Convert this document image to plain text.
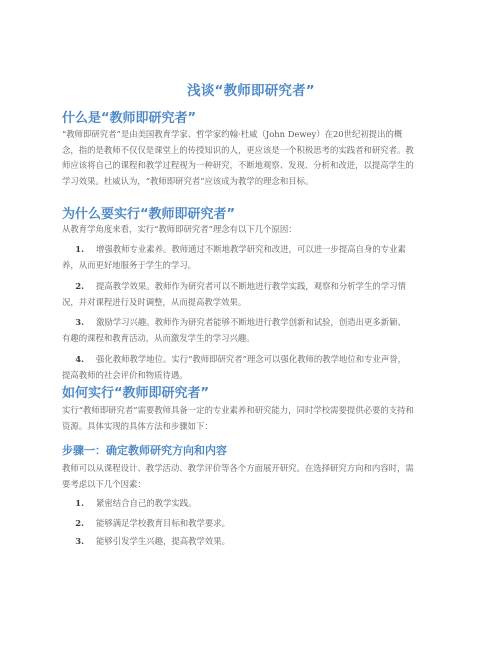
浅谈“教师即研究者”
什么是“教师即研究者”

“教师即研究者”是由美国教育学家、哲学家约翰·杜威（John Dewey）在20世纪初提出的概念，指的是教师不仅仅是课堂上的传授知识的人，更应该是一个积极思考的实践者和研究者。教师应该将自己的课程和教学过程视为一种研究，不断地观察、发现、分析和改进，以提高学生的学习效果。杜威认为，“教师即研究者”应该成为教学的理念和目标。

为什么要实行“教师即研究者”

从教育学角度来看，实行“教师即研究者”理念有以下几个原因：

1 . 增强教师专业素养。教师通过不断地教学研究和改进，可以进一步提高自身的专业素养，从而更好地服务于学生的学习。
2 . 提高教学效果。教师作为研究者可以不断地进行教学实践，观察和分析学生的学习情况，并对课程进行及时调整，从而提高教学效果。
3 . 激励学习兴趣。教师作为研究者能够不断地进行教学创新和试验，创造出更多新颖、有趣的课程和教育活动，从而激发学生的学习兴趣。
4 . 强化教师教学地位。实行“教师即研究者”理念可以强化教师的教学地位和专业声誉，提高教师的社会评价和物质待遇。
如何实行“教师即研究者”

实行“教师即研究者”需要教师具备一定的专业素养和研究能力，同时学校需要提供必要的支持和资源。具体实现的具体方法和步骤如下：

步骤一：确定教师研究方向和内容

教师可以从课程设计、教学活动、教学评价等各个方面展开研究。在选择研究方向和内容时，需要考虑以下几个因素：

1 . 紧密结合自己的教学实践。
2 . 能够满足学校教育目标和教学要求。
3 . 能够引发学生兴趣，提高教学效果。
